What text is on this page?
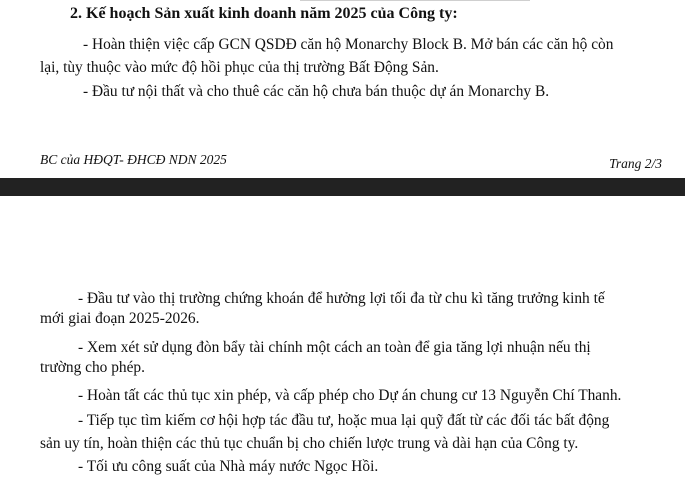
2. Kế hoạch Sản xuất kinh doanh năm 2025 của Công ty:
- Hoàn thiện việc cấp GCN QSDĐ căn hộ Monarchy Block B. Mở bán các căn hộ còn
lại, tùy thuộc vào mức độ hồi phục của thị trường Bất Động Sản.
- Đầu tư nội thất và cho thuê các căn hộ chưa bán thuộc dự án Monarchy B.
BC của HĐQT- ĐHCĐ NDN 2025	Trang 2/3
- Đầu tư vào thị trường chứng khoán để hưởng lợi tối đa từ chu kì tăng trưởng kinh tế
mới giai đoạn 2025-2026.
- Xem xét sử dụng đòn bẩy tài chính một cách an toàn để gia tăng lợi nhuận nếu thị
trường cho phép.
- Hoàn tất các thủ tục xin phép, và cấp phép cho Dự án chung cư 13 Nguyễn Chí Thanh.
- Tiếp tục tìm kiếm cơ hội hợp tác đầu tư, hoặc mua lại quỹ đất từ các đối tác bất động
sản uy tín, hoàn thiện các thủ tục chuẩn bị cho chiến lược trung và dài hạn của Công ty.
- Tối ưu công suất của Nhà máy nước Ngọc Hồi.
